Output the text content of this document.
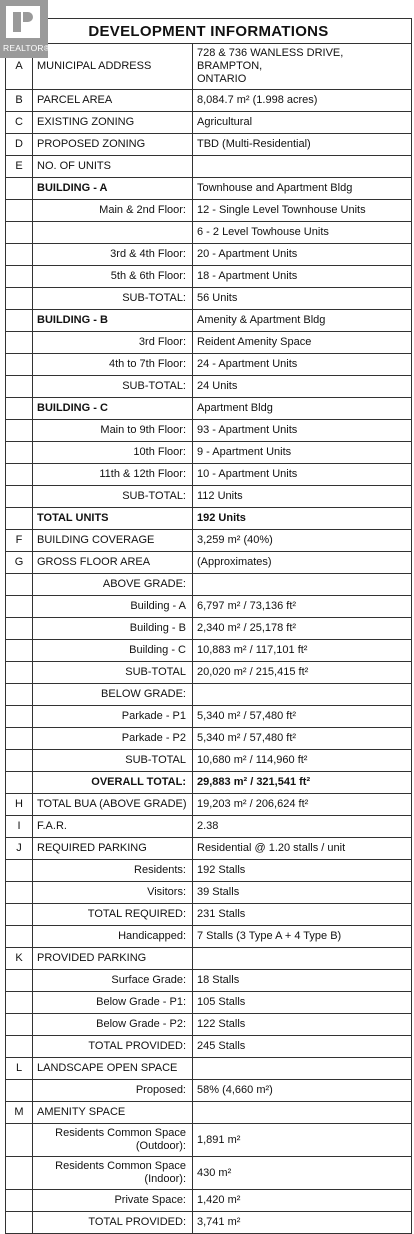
REALTOR®
DEVELOPMENT INFORMATIONS		
A	MUNICIPAL ADDRESS	728 & 736 WANLESS DRIVE, BRAMPTON,
ONTARIO

B	PARCEL AREA	8,084.7 m² (1.998 acres)
C	EXISTING ZONING	Agricultural
D	PROPOSED ZONING	TBD (Multi-Residential)
E	NO. OF UNITS	
	BUILDING - A	Townhouse and Apartment Bldg
	Main & 2nd Floor:	12 - Single Level Townhouse Units
		6 - 2 Level Towhouse Units
	3rd & 4th Floor:	20 - Apartment Units
	5th & 6th Floor:	18 - Apartment Units
	SUB-TOTAL:	56 Units
	BUILDING - B	Amenity & Apartment Bldg
	3rd Floor:	Reident Amenity Space
	4th to 7th Floor:	24 - Apartment Units
	SUB-TOTAL:	24 Units
	BUILDING - C	Apartment Bldg
	Main to 9th Floor:	93 - Apartment Units
	10th Floor:	9 - Apartment Units
	11th & 12th Floor:	10 - Apartment Units
	SUB-TOTAL:	112 Units
	TOTAL UNITS	192 Units
F	BUILDING COVERAGE	3,259 m² (40%)
G	GROSS FLOOR AREA	(Approximates)
	ABOVE GRADE:	
	Building - A	6,797 m² / 73,136 ft²
	Building - B	2,340 m² / 25,178 ft²
	Building - C	10,883 m² / 117,101 ft²
	SUB-TOTAL	20,020 m² / 215,415 ft²
	BELOW GRADE:	
	Parkade - P1	5,340 m² / 57,480 ft²
	Parkade - P2	5,340 m² / 57,480 ft²
	SUB-TOTAL	10,680 m² / 114,960 ft²
	OVERALL TOTAL:	29,883 m² / 321,541 ft²
H	TOTAL BUA (ABOVE GRADE)	19,203 m² / 206,624 ft²
I	F.A.R.	2.38
J	REQUIRED PARKING	Residential @ 1.20 stalls / unit
	Residents:	192 Stalls
	Visitors:	39 Stalls
	TOTAL REQUIRED:	231 Stalls
	Handicapped:	7 Stalls (3 Type A + 4 Type B)
K	PROVIDED PARKING	
	Surface Grade:	18 Stalls
	Below Grade - P1:	105 Stalls
	Below Grade - P2:	122 Stalls
	TOTAL PROVIDED:	245 Stalls
L	LANDSCAPE OPEN SPACE	
	Proposed:	58% (4,660 m²)
M	AMENITY SPACE	

	Residents Common Space
(Outdoor):	1,891 m²

	Residents Common Space
(Indoor):	430 m²
	Private Space:	1,420 m²
	TOTAL PROVIDED:	3,741 m²
